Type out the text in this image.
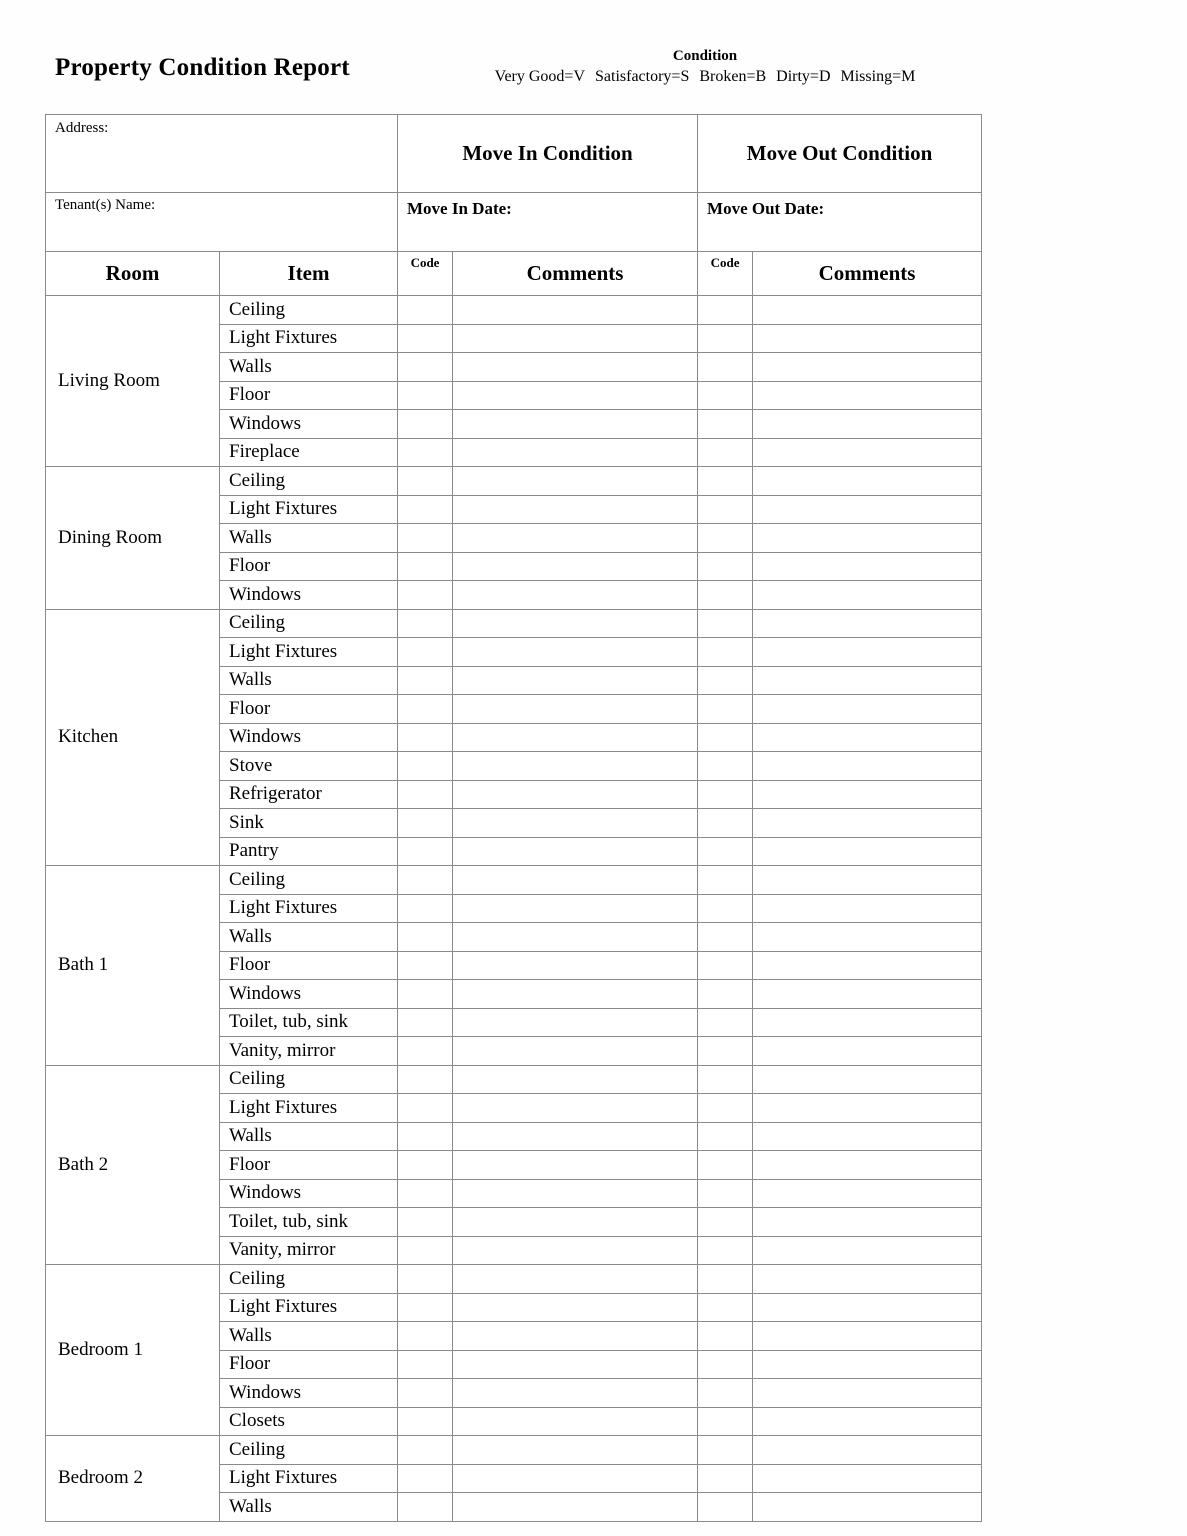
Property Condition Report	Condition
Very Good=V Satisfactory=S Broken=B Dirty=D Missing=M
Address:		Move In Condition		Move Out Condition	
Tenant(s) Name:		Move In Date:		Move Out Date:	
Room	Item	Code	Comments	Code	Comments
Living Room	Ceiling				
	Light Fixtures				
	Walls				
	Floor				
	Windows				
	Fireplace				
Dining Room	Ceiling				
	Light Fixtures				
	Walls				
	Floor				
	Windows				
Kitchen	Ceiling				
	Light Fixtures				
	Walls				
	Floor				
	Windows				
	Stove				
	Refrigerator				
	Sink				
	Pantry				
Bath 1	Ceiling				
	Light Fixtures				
	Walls				
	Floor				
	Windows				
	Toilet, tub, sink				
	Vanity, mirror				
Bath 2	Ceiling				
	Light Fixtures				
	Walls				
	Floor				
	Windows				
	Toilet, tub, sink				
	Vanity, mirror				
Bedroom 1	Ceiling				
	Light Fixtures				
	Walls				
	Floor				
	Windows				
	Closets				
Bedroom 2	Ceiling				
	Light Fixtures				
	Walls				
